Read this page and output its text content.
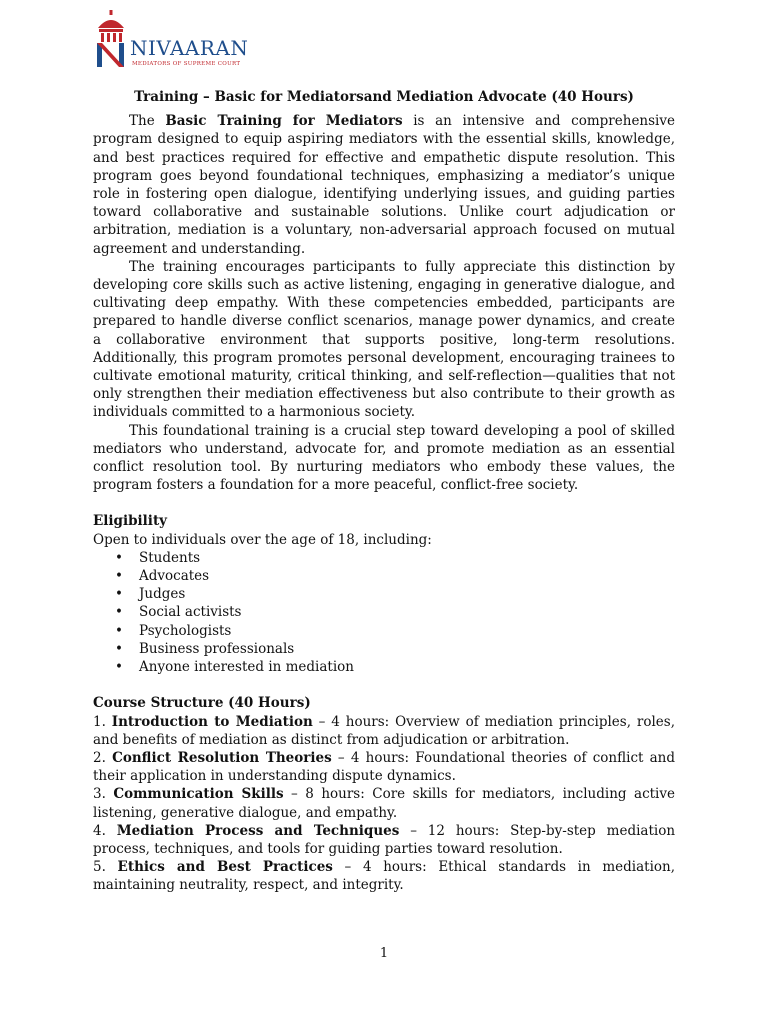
NIVAARAN
MEDIATORS OF SUPREME COURT
Training – Basic for Mediatorsand Mediation Advocate (40 Hours)

The Basic Training for Mediators is an intensive and comprehensive program designed to equip aspiring mediators with the essential skills, knowledge, and best practices required for effective and empathetic dispute resolution. This program goes beyond foundational techniques, emphasizing a mediator’s unique role in fostering open dialogue, identifying underlying issues, and guiding parties toward collaborative and sustainable solutions. Unlike court adjudication or arbitration, mediation is a voluntary, non-adversarial approach focused on mutual agreement and understanding.

The training encourages participants to fully appreciate this distinction by developing core skills such as active listening, engaging in generative dialogue, and cultivating deep empathy. With these competencies embedded, participants are prepared to handle diverse conflict scenarios, manage power dynamics, and create a collaborative environment that supports positive, long-term resolutions. Additionally, this program promotes personal development, encouraging trainees to cultivate emotional maturity, critical thinking, and self-reflection—qualities that not only strengthen their mediation effectiveness but also contribute to their growth as individuals committed to a harmonious society.

This foundational training is a crucial step toward developing a pool of skilled mediators who understand, advocate for, and promote mediation as an essential conflict resolution tool. By nurturing mediators who embody these values, the program fosters a foundation for a more peaceful, conflict-free society.

Eligibility
Open to individuals over the age of 18, including:
• Students
• Advocates
• Judges
• Social activists
• Psychologists
• Business professionals
• Anyone interested in mediation
Course Structure (40 Hours)

1. Introduction to Mediation – 4 hours: Overview of mediation principles, roles, and benefits of mediation as distinct from adjudication or arbitration.

2. Conflict Resolution Theories – 4 hours: Foundational theories of conflict and their application in understanding dispute dynamics.

3. Communication Skills – 8 hours: Core skills for mediators, including active listening, generative dialogue, and empathy.

4. Mediation Process and Techniques – 12 hours: Step-by-step mediation process, techniques, and tools for guiding parties toward resolution.

5. Ethics and Best Practices – 4 hours: Ethical standards in mediation, maintaining neutrality, respect, and integrity.

1
